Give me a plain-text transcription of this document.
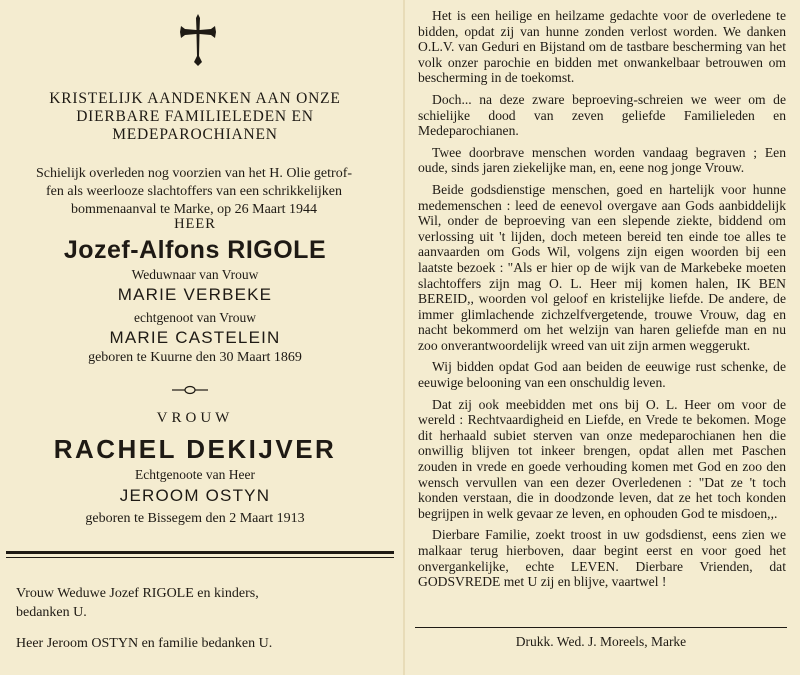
KRISTELIJK AANDENKEN AAN ONZE
DIERBARE FAMILIELEDEN EN
MEDEPAROCHIANEN
Schielijk overleden nog voorzien van het H. Olie getrof-
fen als weerlooze slachtoffers van een schrikkelijken
bommenaanval te Marke, op 26 Maart 1944
HEER
Jozef-Alfons RIGOLE
Weduwnaar van Vrouw
MARIE VERBEKE
echtgenoot van Vrouw
MARIE CASTELEIN
geboren te Kuurne den 30 Maart 1869
VROUW
RACHEL DEKIJVER
Echtgenoote van Heer
JEROOM OSTYN
geboren te Bissegem den 2 Maart 1913
Vrouw Weduwe Jozef RIGOLE en kinders,
bedanken U.
Heer Jeroom OSTYN en familie bedanken U.

Het is een heilige en heilzame gedachte voor de overledene te bidden, opdat zij van hunne zonden verlost worden. We danken O.L.V. van Geduri en Bijstand om de tastbare bescherming van het volk onzer parochie en bidden met onwankelbaar betrouwen om bescherming in de toekomst.

Doch... na deze zware beproeving-schreien we weer om de schielijke dood van zeven geliefde Familieleden en Medeparochianen.

Twee doorbrave menschen worden vandaag begraven ; Een oude, sinds jaren ziekelijke man, en, eene nog jonge Vrouw.

Beide godsdienstige menschen, goed en hartelijk voor hunne medemenschen : leed de eenevol overgave aan Gods aanbiddelijk Wil, onder de beproeving van een slepende ziekte, biddend om verlossing uit 't lijden, doch meteen bereid ten einde toe alles te aanvaarden om Gods Wil, volgens zijn eigen woorden bij een laatste bezoek : "Als er hier op de wijk van de Markebeke moeten slachtoffers zijn mag O. L. Heer mij komen halen, IK BEN BEREID,, woorden vol geloof en kristelijke liefde. De andere, de immer glimlachende zichzelfvergetende, trouwe Vrouw, dag en nacht bekommerd om het welzijn van haren geliefde man en nu zoo onverantwoordelijk wreed van uit zijn armen weggerukt.

Wij bidden opdat God aan beiden de eeuwige rust schenke, de eeuwige belooning van een onschuldig leven.

Dat zij ook meebidden met ons bij O. L. Heer om voor de wereld : Rechtvaardigheid en Liefde, en Vrede te bekomen. Moge dit herhaald subiet sterven van onze medeparochianen hen die onwillig blijven tot inkeer brengen, opdat allen met Paschen zouden in vrede en goede verhouding komen met God en zoo den wensch vervullen van een dezer Overledenen : "Dat ze 't toch konden verstaan, die in doodzonde leven, dat ze het toch konden begrijpen in welk gevaar ze leven, en ophouden God te misdoen,,.

Dierbare Familie, zoekt troost in uw godsdienst, eens zien we malkaar terug hierboven, daar begint eerst en voor goed het onvergankelijke, echte LEVEN. Dierbare Vrienden, dat GODSVREDE met U zij en blijve, vaartwel !

Drukk. Wed. J. Moreels, Marke
